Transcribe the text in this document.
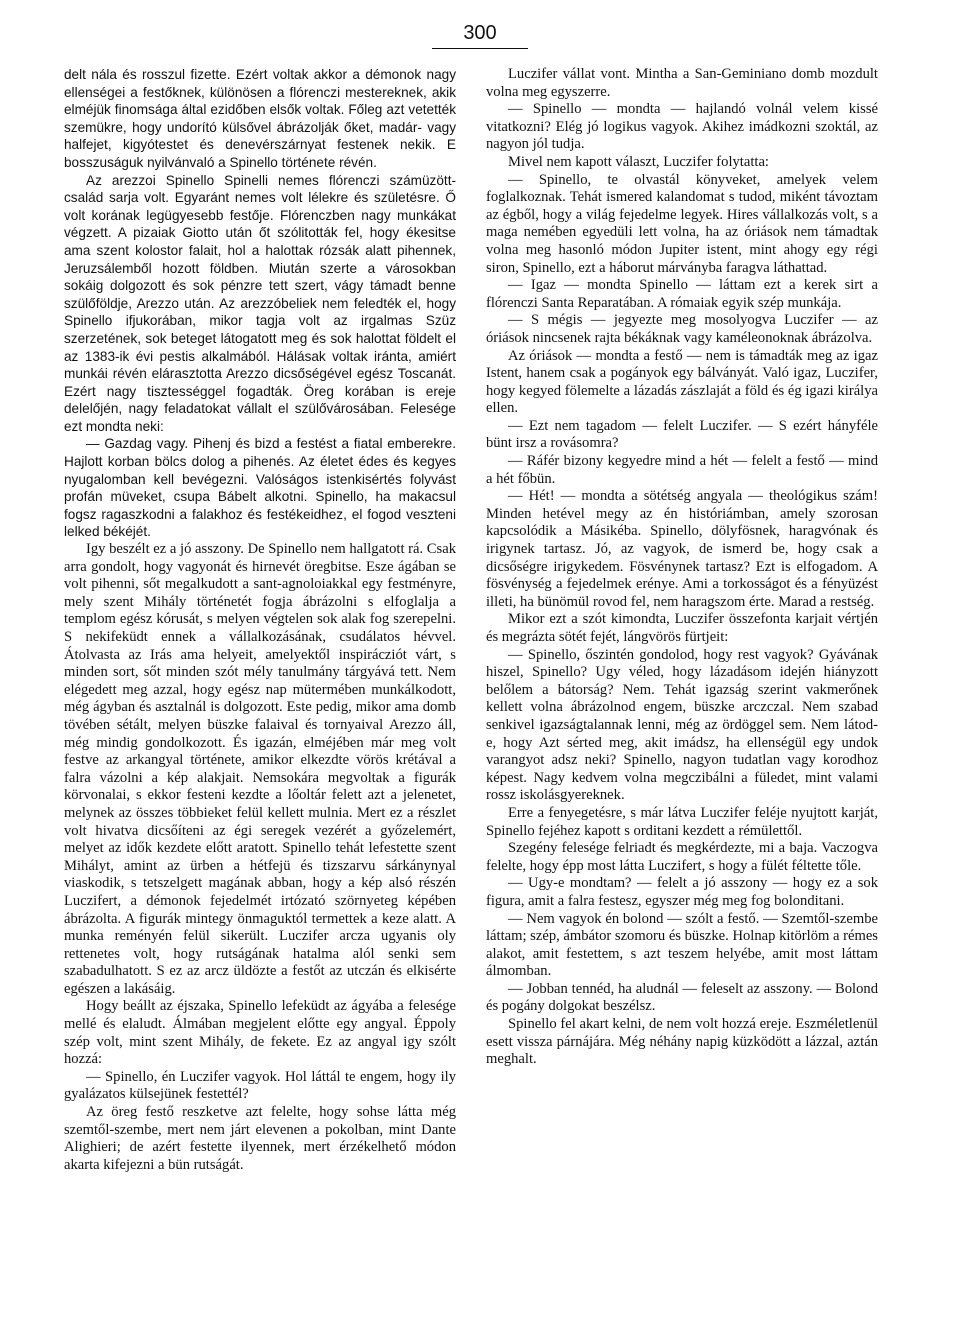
300

delt nála és rosszul fizette. Ezért voltak akkor a démonok nagy ellenségei a festőknek, különösen a flórenczi mestereknek, akik elméjük finomsága által ezidőben elsők voltak. Főleg azt vetették szemükre, hogy undorító külsővel ábrázolják őket, madár- vagy halfejet, kigyótestet és denevérszárnyat festenek nekik. E bosszuságuk nyilvánvaló a Spinello története révén.

Az arezzoi Spinello Spinelli nemes flórenczi számüzött-család sarja volt. Egyaránt nemes volt lélekre és születésre. Ő volt korának legügyesebb festője. Flórenczben nagy munkákat végzett. A pizaiak Giotto után őt szólitották fel, hogy ékesitse ama szent kolostor falait, hol a halottak rózsák alatt pihennek, Jeruzsálemből hozott földben. Miután szerte a városokban sokáig dolgozott és sok pénzre tett szert, vágy támadt benne szülőföldje, Arezzo után. Az arezzóbeliek nem feledték el, hogy Spinello ifjukorában, mikor tagja volt az irgalmas Szüz szerzetének, sok beteget látogatott meg és sok halottat földelt el az 1383-ik évi pestis alkalmából. Hálásak voltak iránta, amiért munkái révén elárasztotta Arezzo dicsőségével egész Toscanát. Ezért nagy tisztességgel fogadták. Öreg korában is ereje delelőjén, nagy feladatokat vállalt el szülővárosában. Felesége ezt mondta neki:

— Gazdag vagy. Pihenj és bizd a festést a fiatal emberekre. Hajlott korban bölcs dolog a pihenés. Az életet édes és kegyes nyugalomban kell bevégezni. Valóságos istenkisértés folyvást profán müveket, csupa Bábelt alkotni. Spinello, ha makacsul fogsz ragaszkodni a falakhoz és festékeidhez, el fogod veszteni lelked békéjét.

Igy beszélt ez a jó asszony. De Spinello nem hallgatott rá. Csak arra gondolt, hogy vagyonát és hirnevét öregbitse. Esze ágában se volt pihenni, sőt megalkudott a sant-agnoloiakkal egy festményre, mely szent Mihály történetét fogja ábrázolni s elfoglalja a templom egész kórusát, s melyen végtelen sok alak fog szerepelni. S nekifeküdt ennek a vállalkozásának, csudálatos hévvel. Átolvasta az Irás ama helyeit, amelyektől inspirácziót várt, s minden sort, sőt minden szót mély tanulmány tárgyává tett. Nem elégedett meg azzal, hogy egész nap mütermében munkálkodott, még ágyban és asztalnál is dolgozott. Este pedig, mikor ama domb tövében sétált, melyen büszke falaival és tornyaival Arezzo áll, még mindig gondolkozott. És igazán, elméjében már meg volt festve az arkangyal története, amikor elkezdte vörös krétával a falra vázolni a kép alakjait. Nemsokára megvoltak a figurák körvonalai, s ekkor festeni kezdte a lőoltár felett azt a jelenetet, melynek az összes többieket felül kellett mulnia. Mert ez a részlet volt hivatva dicsőíteni az égi seregek vezérét a győzelemért, melyet az idők kezdete előtt aratott. Spinello tehát lefestette szent Mihályt, amint az ürben a hétfejü és tizszarvu sárkánynyal viaskodik, s tetszelgett magának abban, hogy a kép alsó részén Luczifert, a démonok fejedelmét irtózató szörnyeteg képében ábrázolta. A figurák mintegy önmaguktól termettek a keze alatt. A munka reményén felül sikerült. Luczifer arcza ugyanis oly rettenetes volt, hogy rutságának hatalma alól senki sem szabadulhatott. S ez az arcz üldözte a festőt az utczán és elkisérte egészen a lakásáig.

Hogy beállt az éjszaka, Spinello lefeküdt az ágyába a felesége mellé és elaludt. Álmában megjelent előtte egy angyal. Éppoly szép volt, mint szent Mihály, de fekete. Ez az angyal igy szólt hozzá:

— Spinello, én Luczifer vagyok. Hol láttál te engem, hogy ily gyalázatos külsejünek festettél?

Az öreg festő reszketve azt felelte, hogy sohse látta még szemtől-szembe, mert nem járt elevenen a pokolban, mint Dante Alighieri; de azért festette ilyennek, mert érzékelhető módon akarta kifejezni a bün rutságát.

Luczifer vállat vont. Mintha a San-Geminiano domb mozdult volna meg egyszerre.

— Spinello — mondta — hajlandó volnál velem kissé vitatkozni? Elég jó logikus vagyok. Akihez imádkozni szoktál, az nagyon jól tudja.

Mivel nem kapott választ, Luczifer folytatta:

— Spinello, te olvastál könyveket, amelyek velem foglalkoznak. Tehát ismered kalandomat s tudod, miként távoztam az égből, hogy a világ fejedelme legyek. Hires vállalkozás volt, s a maga nemében egyedüli lett volna, ha az óriások nem támadtak volna meg hasonló módon Jupiter istent, mint ahogy egy régi siron, Spinello, ezt a háborut márványba faragva láthattad.

— Igaz — mondta Spinello — láttam ezt a kerek sirt a flórenczi Santa Reparatában. A rómaiak egyik szép munkája.

— S mégis — jegyezte meg mosolyogva Luczifer — az óriások nincsenek rajta békáknak vagy kaméleonoknak ábrázolva.

Az óriások — mondta a festő — nem is támadták meg az igaz Istent, hanem csak a pogányok egy bálványát. Való igaz, Luczifer, hogy kegyed fölemelte a lázadás zászlaját a föld és ég igazi királya ellen.

— Ezt nem tagadom — felelt Luczifer. — S ezért hányféle bünt irsz a rovásomra?

— Ráfér bizony kegyedre mind a hét — felelt a festő — mind a hét főbün.

— Hét! — mondta a sötétség angyala — theológikus szám! Minden hetével megy az én históriámban, amely szorosan kapcsolódik a Másikéba. Spinello, dölyfösnek, haragvónak és irigynek tartasz. Jó, az vagyok, de ismerd be, hogy csak a dicsőségre irigykedem. Fösvénynek tartasz? Ezt is elfogadom. A fösvénység a fejedelmek erénye. Ami a torkosságot és a fényüzést illeti, ha bünömül rovod fel, nem haragszom érte. Marad a restség.

Mikor ezt a szót kimondta, Luczifer összefonta karjait vértjén és megrázta sötét fejét, lángvörös fürtjeit:

— Spinello, őszintén gondolod, hogy rest vagyok? Gyávának hiszel, Spinello? Ugy véled, hogy lázadásom idején hiányzott belőlem a bátorság? Nem. Tehát igazság szerint vakmerőnek kellett volna ábrázolnod engem, büszke arczczal. Nem szabad senkivel igazságtalannak lenni, még az ördöggel sem. Nem látod-e, hogy Azt sérted meg, akit imádsz, ha ellenségül egy undok varangyot adsz neki? Spinello, nagyon tudatlan vagy korodhoz képest. Nagy kedvem volna megczibálni a füledet, mint valami rossz iskolásgyereknek.

Erre a fenyegetésre, s már látva Luczifer feléje nyujtott karját, Spinello fejéhez kapott s orditani kezdett a rémülettől.

Szegény felesége felriadt és megkérdezte, mi a baja. Vaczogva felelte, hogy épp most látta Luczifert, s hogy a fülét féltette tőle.

— Ugy-e mondtam? — felelt a jó asszony — hogy ez a sok figura, amit a falra festesz, egyszer még meg fog bolonditani.

— Nem vagyok én bolond — szólt a festő. — Szemtől-szembe láttam; szép, ámbátor szomoru és büszke. Holnap kitörlöm a rémes alakot, amit festettem, s azt teszem helyébe, amit most láttam álmomban.

— Jobban tennéd, ha aludnál — feleselt az asszony. — Bolond és pogány dolgokat beszélsz.

Spinello fel akart kelni, de nem volt hozzá ereje. Eszméletlenül esett vissza párnájára. Még néhány napig küzködött a lázzal, aztán meghalt.
